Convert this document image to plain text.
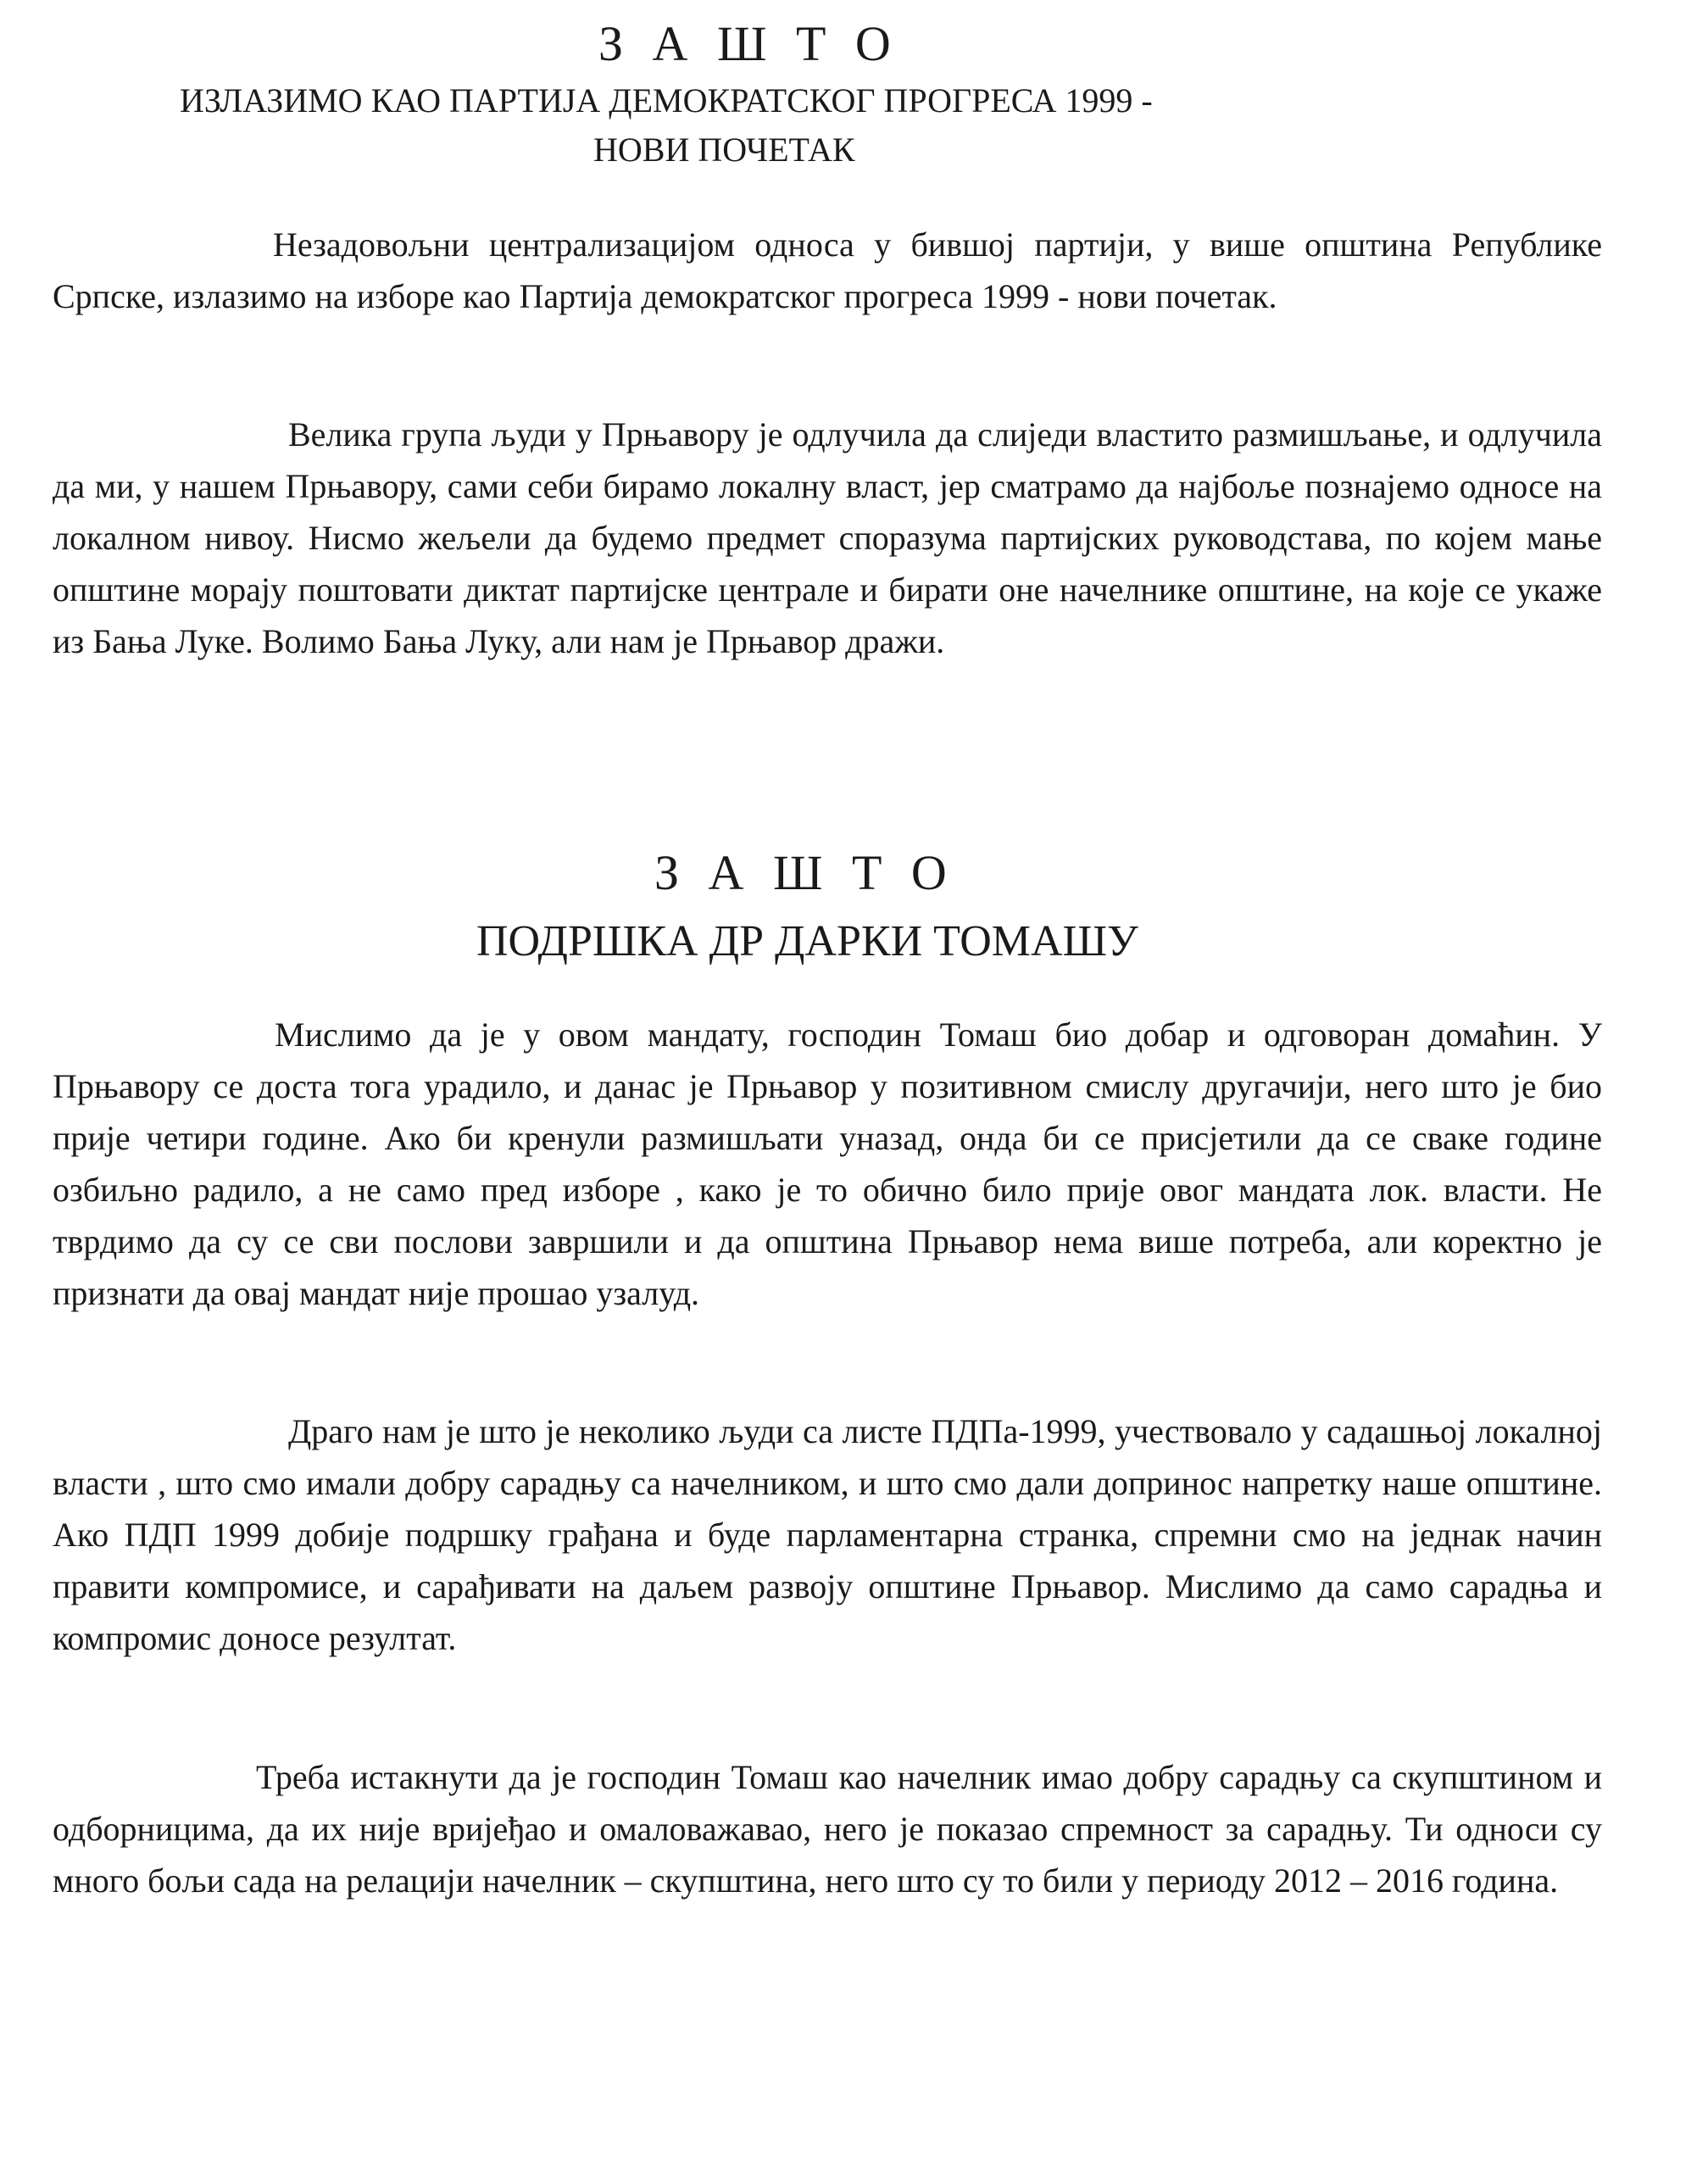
З А Ш Т О
ИЗЛАЗИМО КАО ПАРТИЈА ДЕМОКРАТСКОГ ПРОГРЕСА 1999 -
НОВИ ПОЧЕТАК

Незадовољни централизацијом односа у бившој партији, у више општина Републике Српске, излазимо на изборе као Партија демократског прогреса 1999 - нови почетак.

Велика група људи у Прњавору је одлучила да слиједи властито размишљање, и одлучила да ми, у нашем Прњавору, сами себи бирамо локалну власт, јер сматрамо да најбоље познајемо односе на локалном нивоу. Нисмо жељели да будемо предмет споразума партијских руководстава, по којем мање општине морају поштовати диктат партијске централе и бирати оне начелнике општине, на које се укаже из Бања Луке. Волимо Бања Луку, али нам је Прњавор дражи.

З А Ш Т О
ПОДРШКА ДР ДАРКИ ТОМАШУ

Мислимо да је у овом мандату, господин Томаш био добар и одговоран домаћин. У Прњавору се доста тога урадило, и данас је Прњавор у позитивном смислу другачији, него што је био прије четири године. Ако би кренули размишљати уназад, онда би се присјетили да се сваке године озбиљно радило, а не само пред изборе , како је то обично било прије овог мандата лок. власти. Не тврдимо да су се сви послови завршили и да општина Прњавор нема више потреба, али коректно је признати да овај мандат није прошао узалуд.

Драго нам је што је неколико људи са листе ПДПа-1999, учествовало у садашњој локалној власти , што смо имали добру сарадњу са начелником, и што смо дали допринос напретку наше општине. Ако ПДП 1999 добије подршку грађана и буде парламентарна странка, спремни смо на једнак начин правити компромисе, и сарађивати на даљем развоју општине Прњавор. Мислимо да само сарадња и компромис доносе резултат.

Треба истакнути да је господин Томаш као начелник имао добру сарадњу са скупштином и одборницима, да их није вријеђао и омаловажавао, него је показао спремност за сарадњу. Ти односи су много бољи сада на релацији начелник – скупштина, него што су то били у периоду 2012 – 2016 година.
